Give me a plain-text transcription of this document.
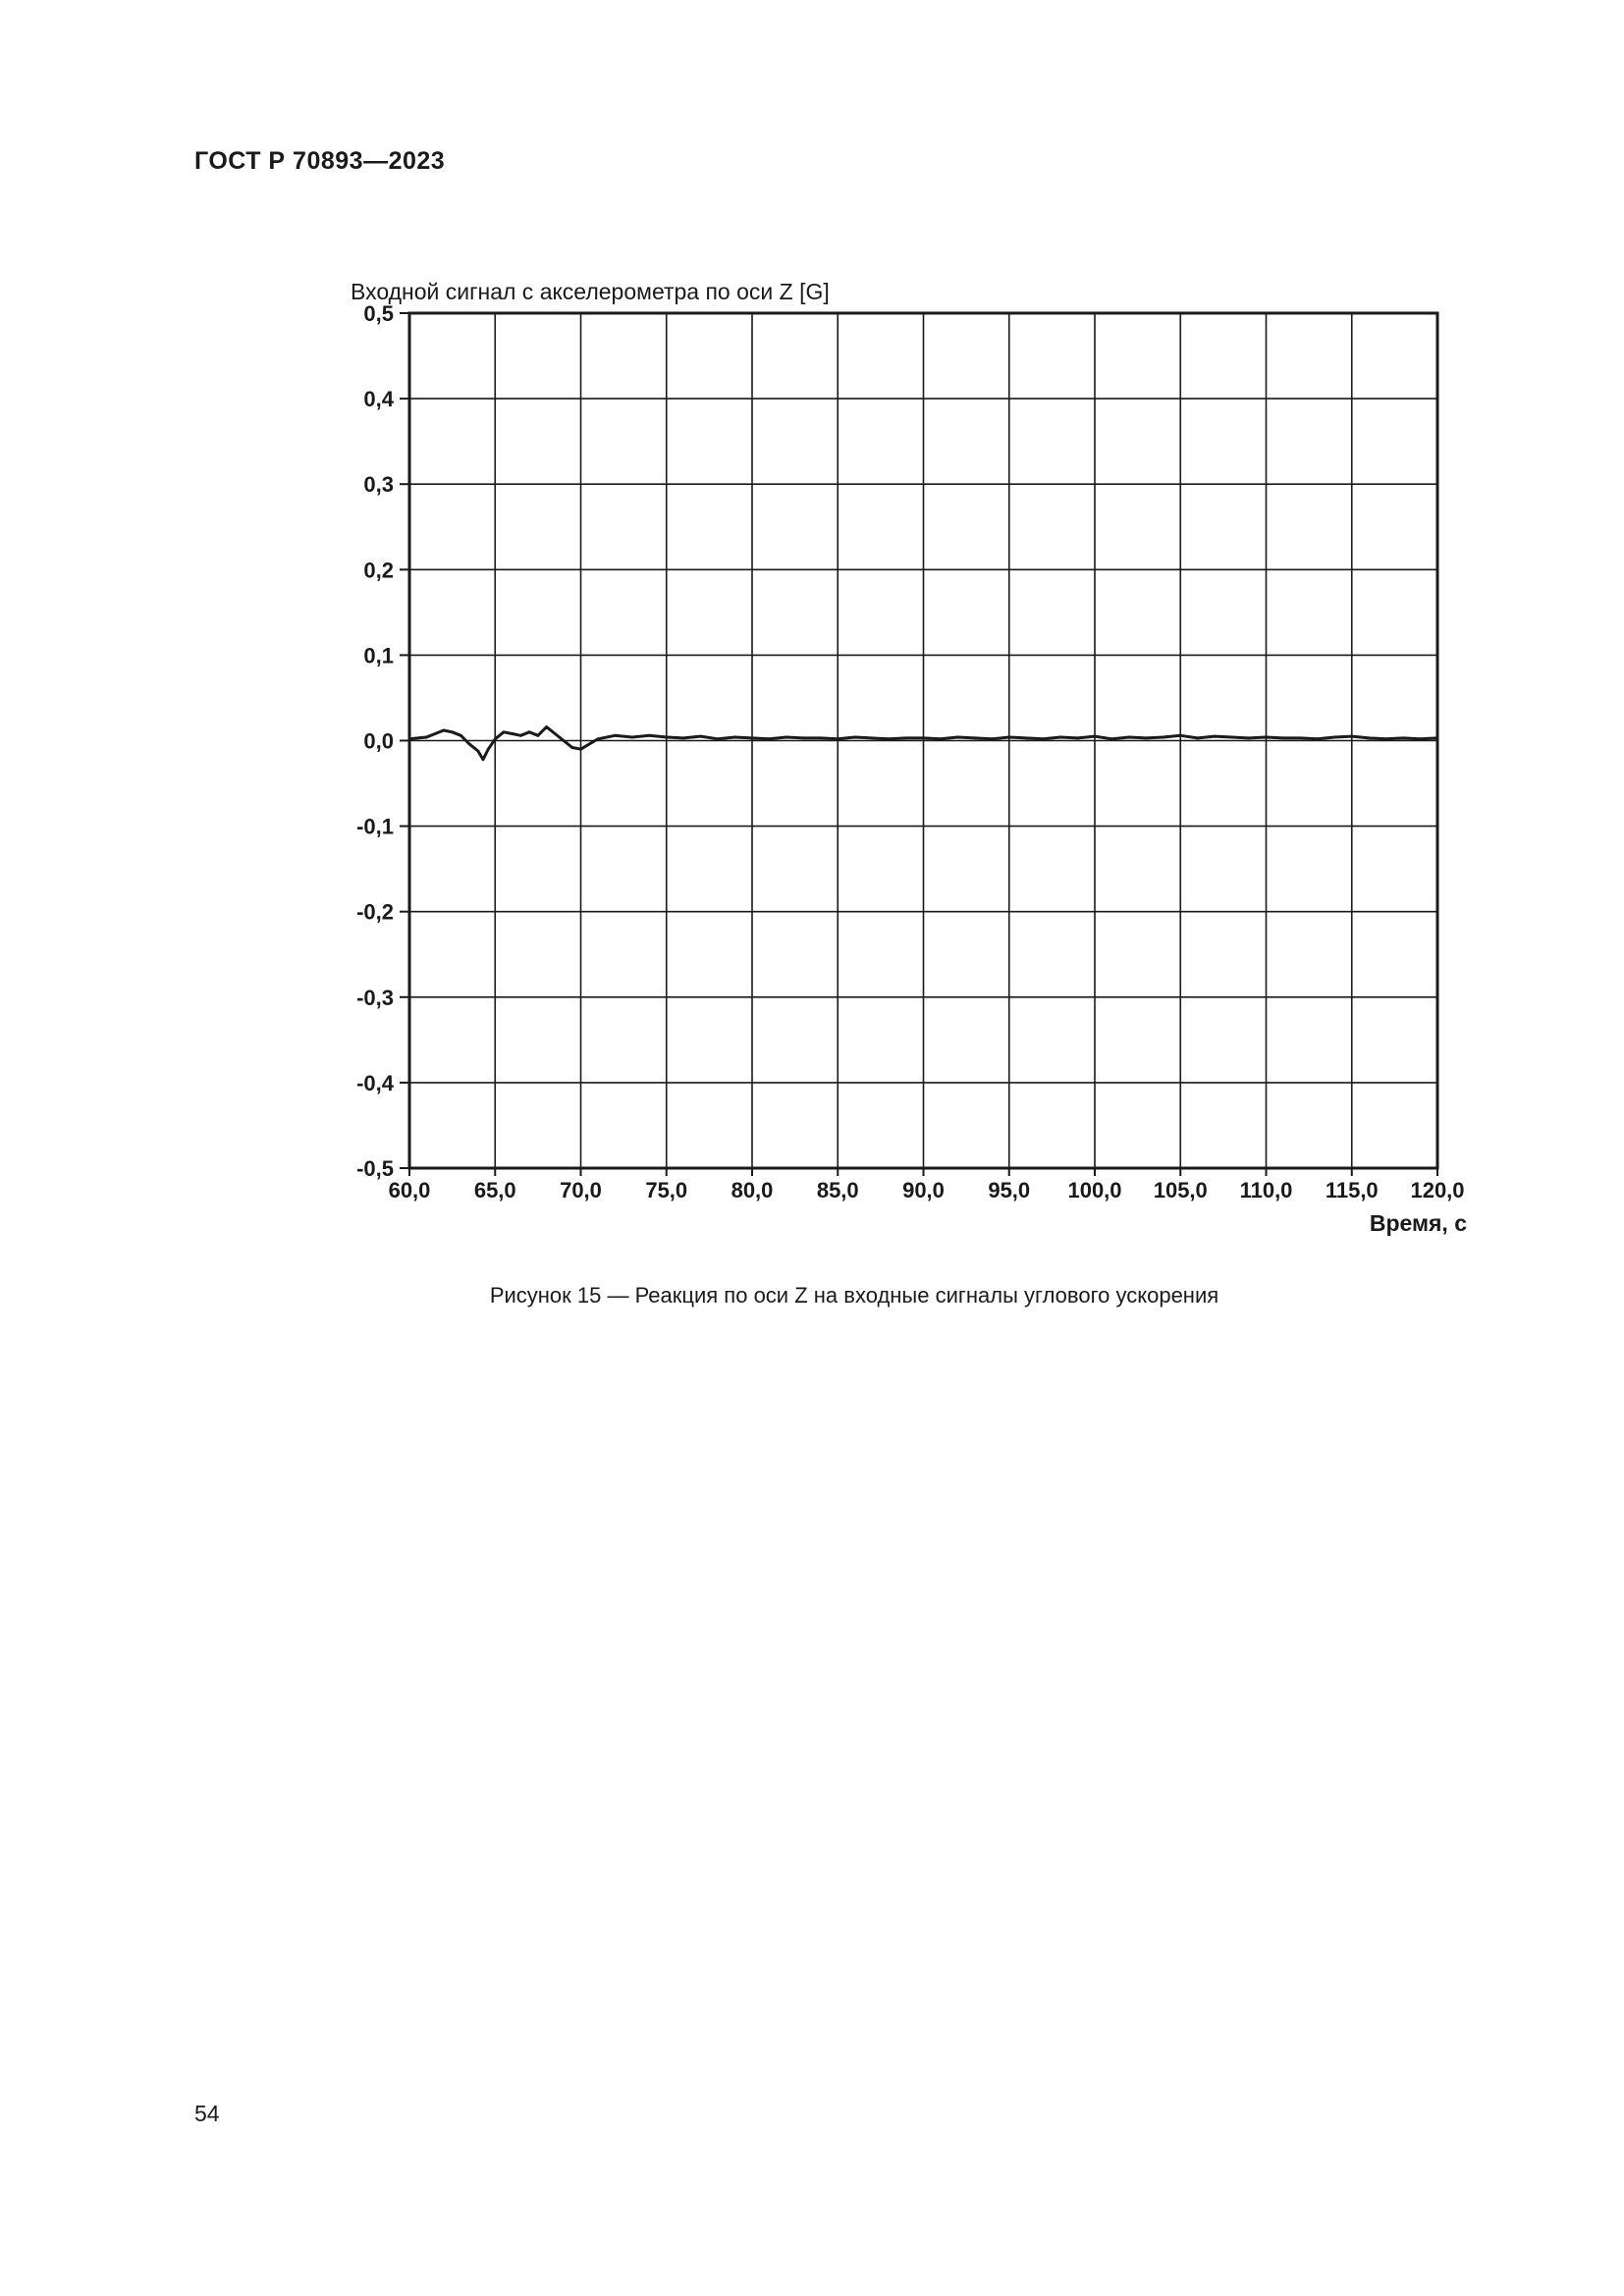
ГОСТ Р 70893—2023
Входной сигнал с акселерометра по оси Z [G]
0,5
0,4
0,3
0,2
0,1
0,0
-0,1
-0,2
-0,3
-0,4
-0,5
60,0 65,0 70,0 75,0 80,0 85,0 90,0 95,0 100,0 105,0 110,0 115,0 120,0
Время, с
Рисунок 15 — Реакция по оси Z на входные сигналы углового ускорения
54
